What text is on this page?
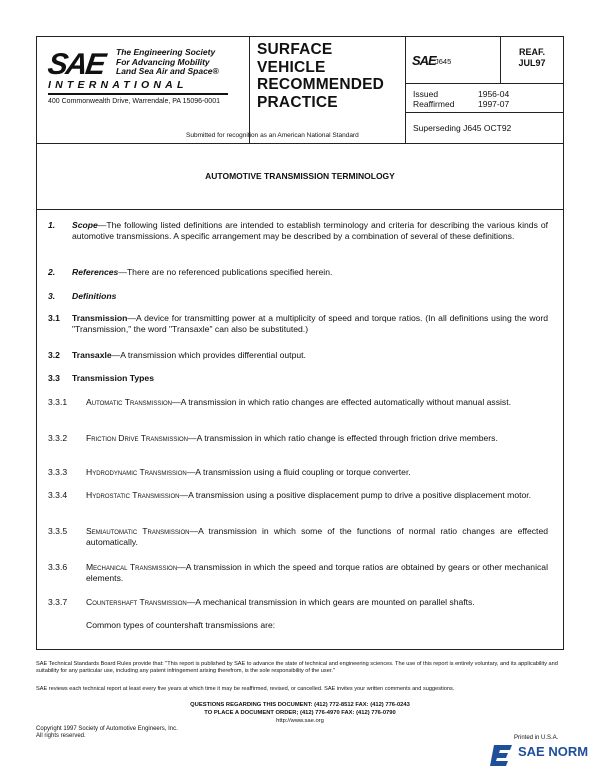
SAE The Engineering Society
For Advancing Mobility
Land Sea Air and Space®
INTERNATIONAL
400 Commonwealth Drive, Warrendale, PA 15096-0001
Submitted for recognition as an American National Standard
SURFACE
VEHICLE
RECOMMENDED
PRACTICE
SAE J645
REAF.
JUL97
Issued	1956-04
Reaffirmed	1997-07
Superseding J645 OCT92
AUTOMOTIVE TRANSMISSION TERMINOLOGY
1.	Scope—The following listed definitions are intended to establish terminology and criteria for describing the various kinds of automotive transmissions. A specific arrangement may be described by a combination of several of these definitions.
2.	References—There are no referenced publications specified herein.
3.	Definitions
3.1	Transmission—A device for transmitting power at a multiplicity of speed and torque ratios. (In all definitions using the word "Transmission," the word "Transaxle" can also be substituted.)
3.2	Transaxle—A transmission which provides differential output.
3.3	Transmission Types
3.3.1	Automatic Transmission—A transmission in which ratio changes are effected automatically without manual assist.
3.3.2	Friction Drive Transmission—A transmission in which ratio change is effected through friction drive members.
3.3.3	Hydrodynamic Transmission—A transmission using a fluid coupling or torque converter.
3.3.4	Hydrostatic Transmission—A transmission using a positive displacement pump to drive a positive displacement motor.
3.3.5	Semiautomatic Transmission—A transmission in which some of the functions of normal ratio changes are effected automatically.
3.3.6	Mechanical Transmission—A transmission in which the speed and torque ratios are obtained by gears or other mechanical elements.
3.3.7	Countershaft Transmission—A mechanical transmission in which gears are mounted on parallel shafts.
Common types of countershaft transmissions are:
SAE Technical Standards Board Rules provide that: "This report is published by SAE to advance the state of technical and engineering sciences. The use of this report is entirely voluntary, and its applicability and suitability for any particular use, including any patent infringement arising therefrom, is the sole responsibility of the user."
SAE reviews each technical report at least every five years at which time it may be reaffirmed, revised, or cancelled. SAE invites your written comments and suggestions.
QUESTIONS REGARDING THIS DOCUMENT: (412) 772-8512 FAX: (412) 776-0243
TO PLACE A DOCUMENT ORDER; (412) 776-4970 FAX: (412) 776-0790
http://www.sae.org
Copyright 1997 Society of Automotive Engineers, Inc.
All rights reserved.	Printed in U.S.A.
SAE NORM
